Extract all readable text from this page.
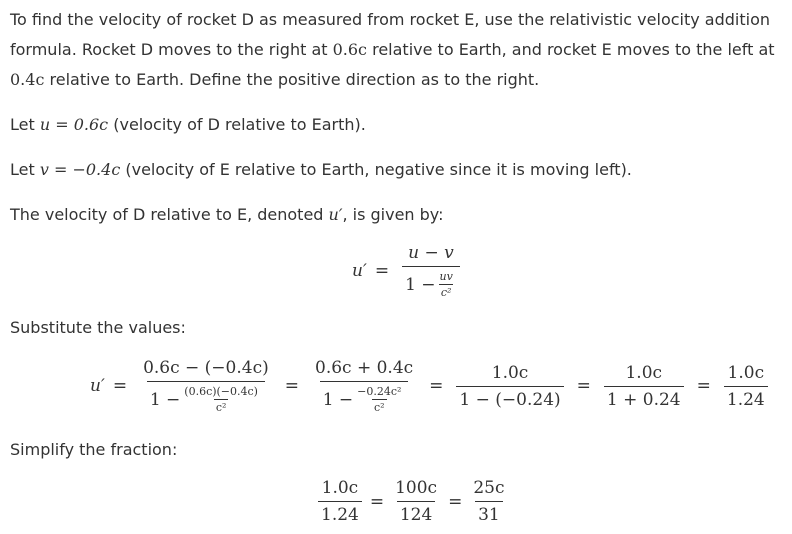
To find the velocity of rocket D as measured from rocket E, use the relativistic velocity addition formula. Rocket D moves to the right at 0.6c relative to Earth, and rocket E moves to the left at 0.4c relative to Earth. Define the positive direction as to the right.

Let u = 0.6c (velocity of D relative to Earth).

Let v = −0.4c (velocity of E relative to Earth, negative since it is moving left).

The velocity of D relative to E, denoted u′, is given by:

$u' = \frac{u - v}{1 - \frac{uv}{\text{c²}}}$

Substitute the values:

$u' = \frac{0.6c - (-0.4c)}{1 - \frac{(0.6c)(-0.4c)}{\text{c²}}} = \frac{0.6c + 0.4c}{1 - \frac{\text{−0.24c²}}{\text{c²}}} = \frac{1.0c}{1 - (-0.24)} = \frac{1.0c}{1 + 0.24} = \frac{1.0c}{1.24}$

Simplify the fraction:

$\frac{1.0c}{1.24} = \frac{100c}{124} = \frac{25c}{31}$
